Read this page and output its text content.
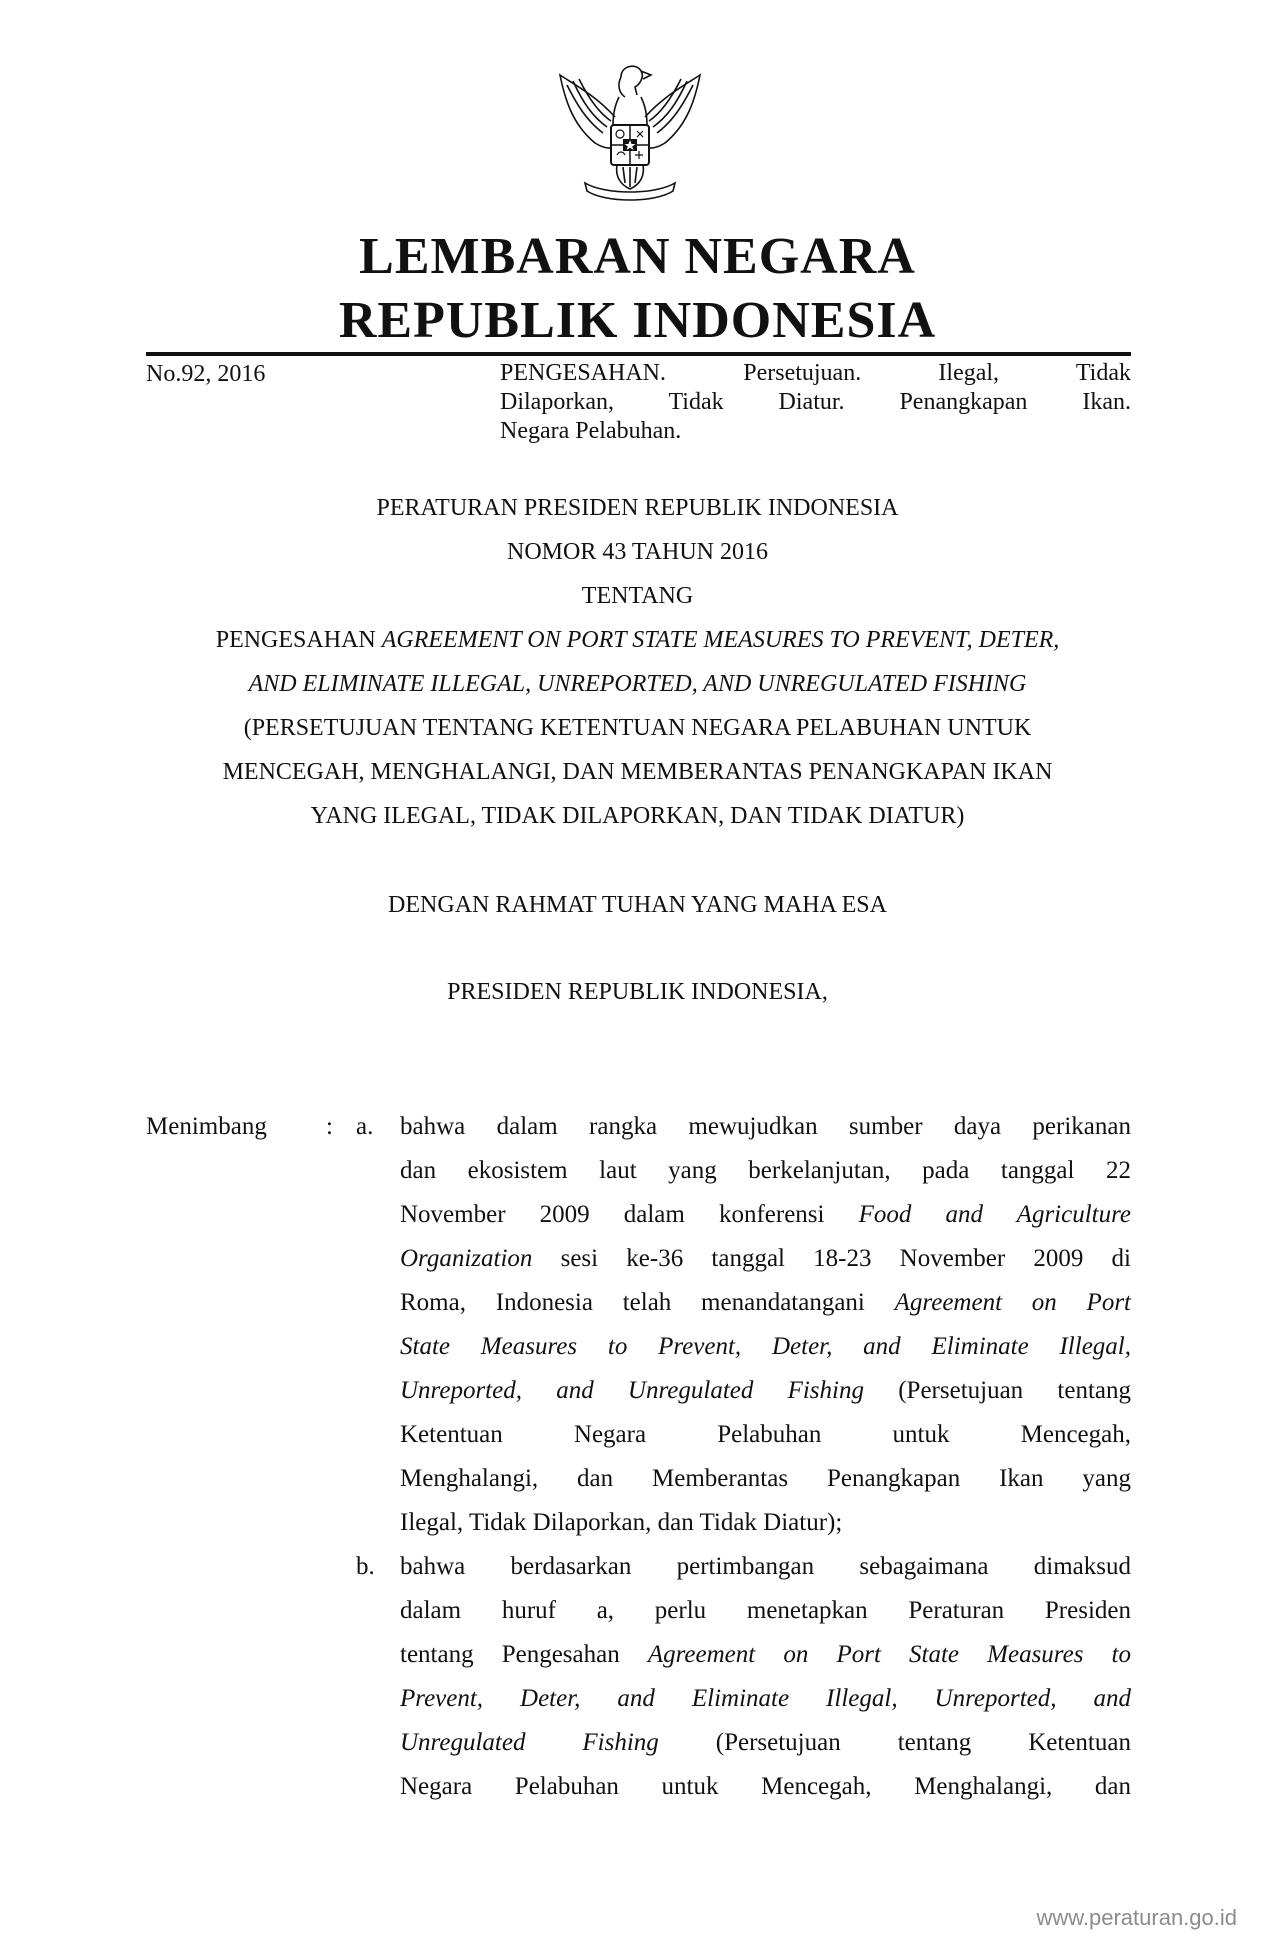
LEMBARAN NEGARA
REPUBLIK INDONESIA
No.92, 2016	PENGESAHAN. Persetujuan. Ilegal, Tidak
Dilaporkan, Tidak Diatur. Penangkapan Ikan.
Negara Pelabuhan.
PERATURAN PRESIDEN REPUBLIK INDONESIA
NOMOR 43 TAHUN 2016
TENTANG
PENGESAHAN AGREEMENT ON PORT STATE MEASURES TO PREVENT, DETER,
AND ELIMINATE ILLEGAL, UNREPORTED, AND UNREGULATED FISHING
(PERSETUJUAN TENTANG KETENTUAN NEGARA PELABUHAN UNTUK
MENCEGAH, MENGHALANGI, DAN MEMBERANTAS PENANGKAPAN IKAN
YANG ILEGAL, TIDAK DILAPORKAN, DAN TIDAK DIATUR)
DENGAN RAHMAT TUHAN YANG MAHA ESA
PRESIDEN REPUBLIK INDONESIA,
Menimbang : a. bahwa dalam rangka mewujudkan sumber daya perikanan
dan ekosistem laut yang berkelanjutan, pada tanggal 22
November 2009 dalam konferensi Food and Agriculture
Organization sesi ke-36 tanggal 18-23 November 2009 di
Roma, Indonesia telah menandatangani Agreement on Port
State Measures to Prevent, Deter, and Eliminate Illegal,
Unreported, and Unregulated Fishing (Persetujuan tentang
Ketentuan Negara Pelabuhan untuk Mencegah,
Menghalangi, dan Memberantas Penangkapan Ikan yang
Ilegal, Tidak Dilaporkan, dan Tidak Diatur);
b. bahwa berdasarkan pertimbangan sebagaimana dimaksud
dalam huruf a, perlu menetapkan Peraturan Presiden
tentang Pengesahan Agreement on Port State Measures to
Prevent, Deter, and Eliminate Illegal, Unreported, and
Unregulated Fishing (Persetujuan tentang Ketentuan
Negara Pelabuhan untuk Mencegah, Menghalangi, dan
www.peraturan.go.id
